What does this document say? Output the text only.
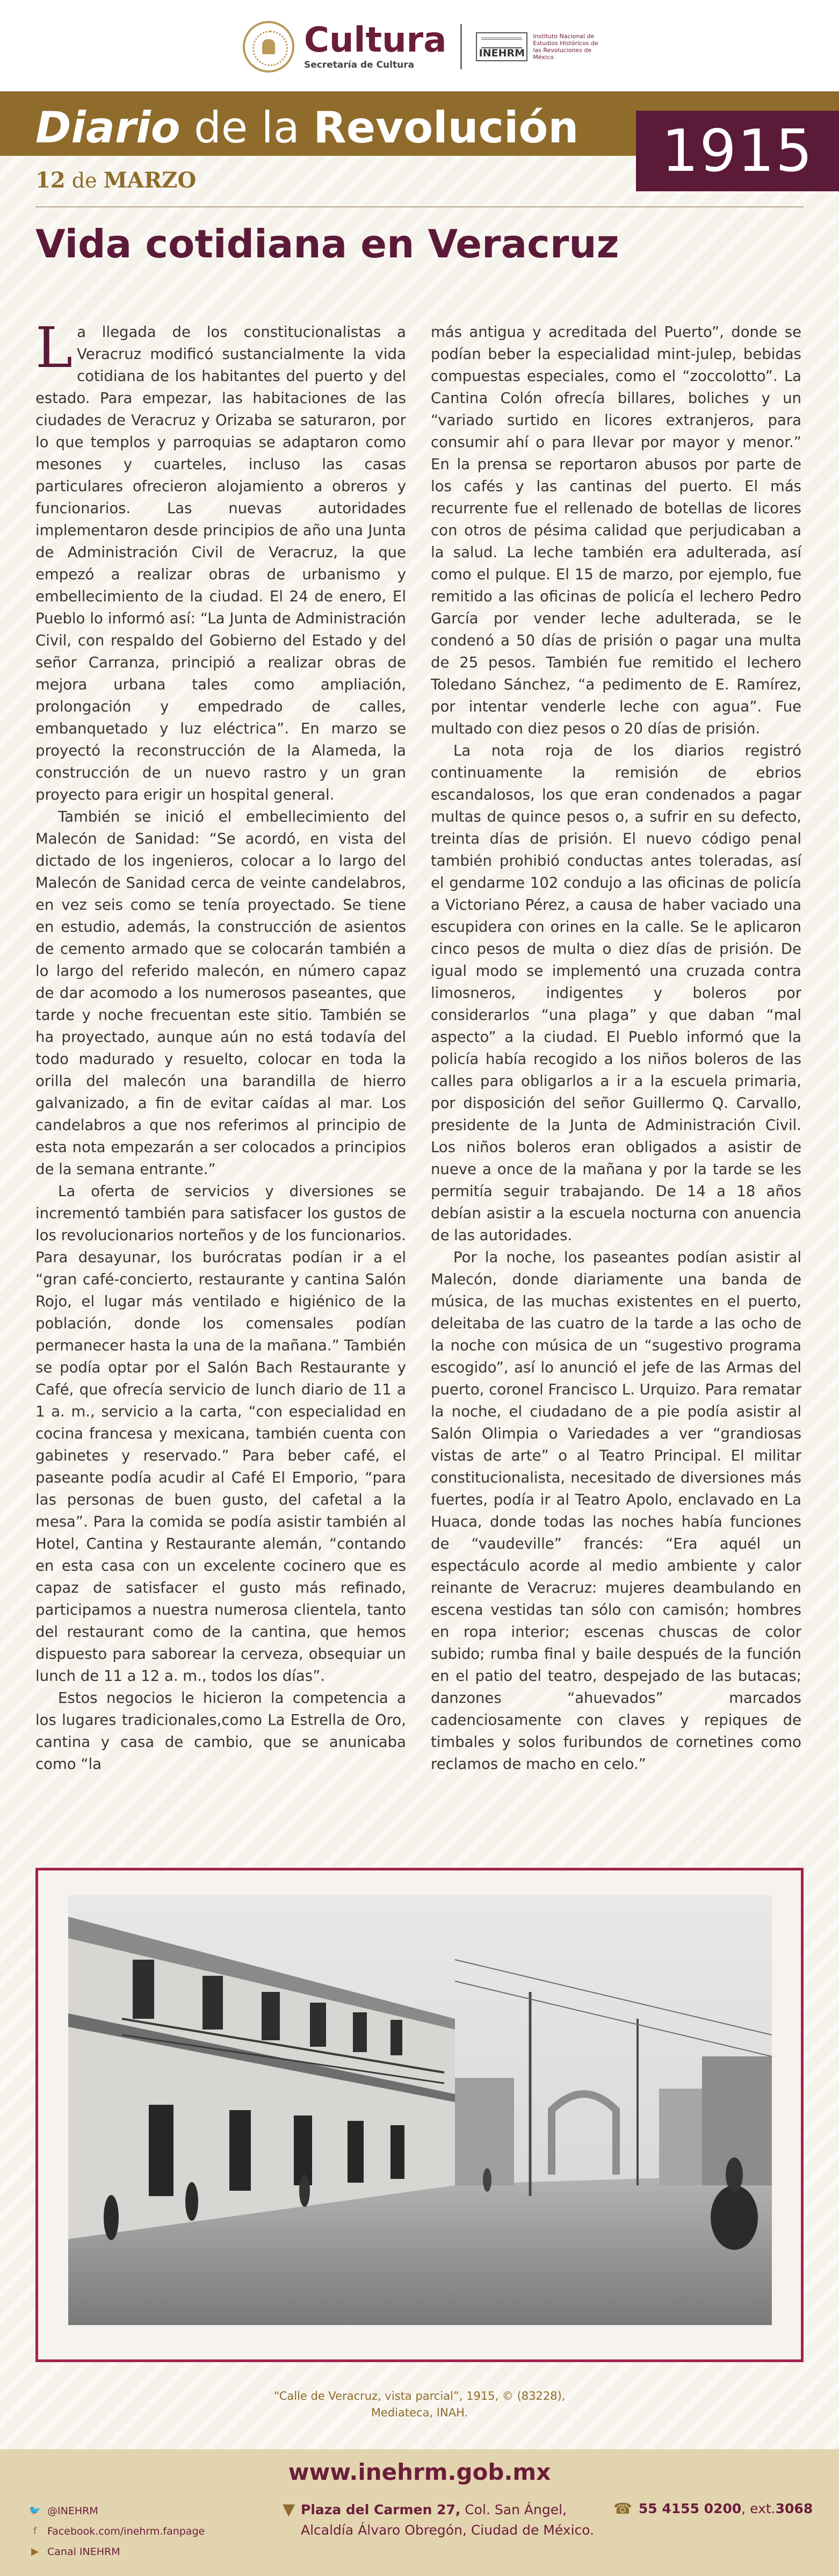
Cultura
Secretaría de Cultura
INEHRM
Instituto Nacional de Estudios Históricos de las Revoluciones de México
Diario de la Revolución	1915
12 de MARZO
Vida cotidiana en Veracruz

La llegada de los constitucionalistas a Veracruz modificó sustancialmente la vida cotidiana de los habitantes del puerto y del estado. Para empezar, las habitaciones de las ciudades de Veracruz y Orizaba se saturaron, por lo que templos y parroquias se adaptaron como mesones y cuarteles, incluso las casas particulares ofrecieron alojamiento a obreros y funcionarios. Las nuevas autoridades implementaron desde principios de año una Junta de Administración Civil de Veracruz, la que empezó a realizar obras de urbanismo y embellecimiento de la ciudad. El 24 de enero, El Pueblo lo informó así: “La Junta de Administración Civil, con respaldo del Gobierno del Estado y del señor Carranza, principió a realizar obras de mejora urbana tales como ampliación, prolongación y empedrado de calles, embanquetado y luz eléctrica”. En marzo se proyectó la reconstrucción de la Alameda, la construcción de un nuevo rastro y un gran proyecto para erigir un hospital general.

También se inició el embellecimiento del Malecón de Sanidad: “Se acordó, en vista del dictado de los ingenieros, colocar a lo largo del Malecón de Sanidad cerca de veinte candelabros, en vez seis como se tenía proyectado. Se tiene en estudio, además, la construcción de asientos de cemento armado que se colocarán también a lo largo del referido malecón, en número capaz de dar acomodo a los numerosos paseantes, que tarde y noche frecuentan este sitio. También se ha proyectado, aunque aún no está todavía del todo madurado y resuelto, colocar en toda la orilla del malecón una barandilla de hierro galvanizado, a fin de evitar caídas al mar. Los candelabros a que nos referimos al principio de esta nota empezarán a ser colocados a principios de la semana entrante.”

La oferta de servicios y diversiones se incrementó también para satisfacer los gustos de los revolucionarios norteños y de los funcionarios. Para desayunar, los burócratas podían ir a el “gran café-concierto, restaurante y cantina Salón Rojo, el lugar más ventilado e higiénico de la población, donde los comensales podían permanecer hasta la una de la mañana.” También se podía optar por el Salón Bach Restaurante y Café, que ofrecía servicio de lunch diario de 11 a 1 a. m., servicio a la carta, “con especialidad en cocina francesa y mexicana, también cuenta con gabinetes y reservado.” Para beber café, el paseante podía acudir al Café El Emporio, “para las personas de buen gusto, del cafetal a la mesa”. Para la comida se podía asistir también al Hotel, Cantina y Restaurante alemán, “contando en esta casa con un excelente cocinero que es capaz de satisfacer el gusto más refinado, participamos a nuestra numerosa clientela, tanto del restaurant como de la cantina, que hemos dispuesto para saborear la cerveza, obsequiar un lunch de 11 a 12 a. m., todos los días”.

Estos negocios le hicieron la competencia a los lugares tradicionales,como La Estrella de Oro, cantina y casa de cambio, que se anunicaba como “la

más antigua y acreditada del Puerto”, donde se podían beber la especialidad mint-julep, bebidas compuestas especiales, como el “zoccolotto”. La Cantina Colón ofrecía billares, boliches y un “variado surtido en licores extranjeros, para consumir ahí o para llevar por mayor y menor.” En la prensa se reportaron abusos por parte de los cafés y las cantinas del puerto. El más recurrente fue el rellenado de botellas de licores con otros de pésima calidad que perjudicaban a la salud. La leche también era adulterada, así como el pulque. El 15 de marzo, por ejemplo, fue remitido a las oficinas de policía el lechero Pedro García por vender leche adulterada, se le condenó a 50 días de prisión o pagar una multa de 25 pesos. También fue remitido el lechero Toledano Sánchez, “a pedimento de E. Ramírez, por intentar venderle leche con agua”. Fue multado con diez pesos o 20 días de prisión.

La nota roja de los diarios registró continuamente la remisión de ebrios escandalosos, los que eran condenados a pagar multas de quince pesos o, a sufrir en su defecto, treinta días de prisión. El nuevo código penal también prohibió conductas antes toleradas, así el gendarme 102 condujo a las oficinas de policía a Victoriano Pérez, a causa de haber vaciado una escupidera con orines en la calle. Se le aplicaron cinco pesos de multa o diez días de prisión. De igual modo se implementó una cruzada contra limosneros, indigentes y boleros por considerarlos “una plaga” y que daban “mal aspecto” a la ciudad. El Pueblo informó que la policía había recogido a los niños boleros de las calles para obligarlos a ir a la escuela primaria, por disposición del señor Guillermo Q. Carvallo, presidente de la Junta de Administración Civil. Los niños boleros eran obligados a asistir de nueve a once de la mañana y por la tarde se les permitía seguir trabajando. De 14 a 18 años debían asistir a la escuela nocturna con anuencia de las autoridades.

Por la noche, los paseantes podían asistir al Malecón, donde diariamente una banda de música, de las muchas existentes en el puerto, deleitaba de las cuatro de la tarde a las ocho de la noche con música de un “sugestivo programa escogido”, así lo anunció el jefe de las Armas del puerto, coronel Francisco L. Urquizo. Para rematar la noche, el ciudadano de a pie podía asistir al Salón Olimpia o Variedades a ver “grandiosas vistas de arte” o al Teatro Principal. El militar constitucionalista, necesitado de diversiones más fuertes, podía ir al Teatro Apolo, enclavado en La Huaca, donde todas las noches había funciones de “vaudeville” francés: “Era aquél un espectáculo acorde al medio ambiente y calor reinante de Veracruz: mujeres deambulando en escena vestidas tan sólo con camisón; hombres en ropa interior; escenas chuscas de color subido; rumba final y baile después de la función en el patio del teatro, despejado de las butacas; danzones “ahuevados” marcados cadenciosamente con claves y repiques de timbales y solos furibundos de cornetines como reclamos de macho en celo.”

“Calle de Veracruz, vista parcial”, 1915, © (83228),
Mediateca, INAH.
www.inehrm.gob.mx
🐦 @INEHRM
f	Facebook.com/inehrm.fanpage
▶ Canal INEHRM
▼ Plaza del Carmen 27, Col. San Ángel,
Alcaldía Álvaro Obregón, Ciudad de México.
☎ 55 4155 0200 , ext. 3068
